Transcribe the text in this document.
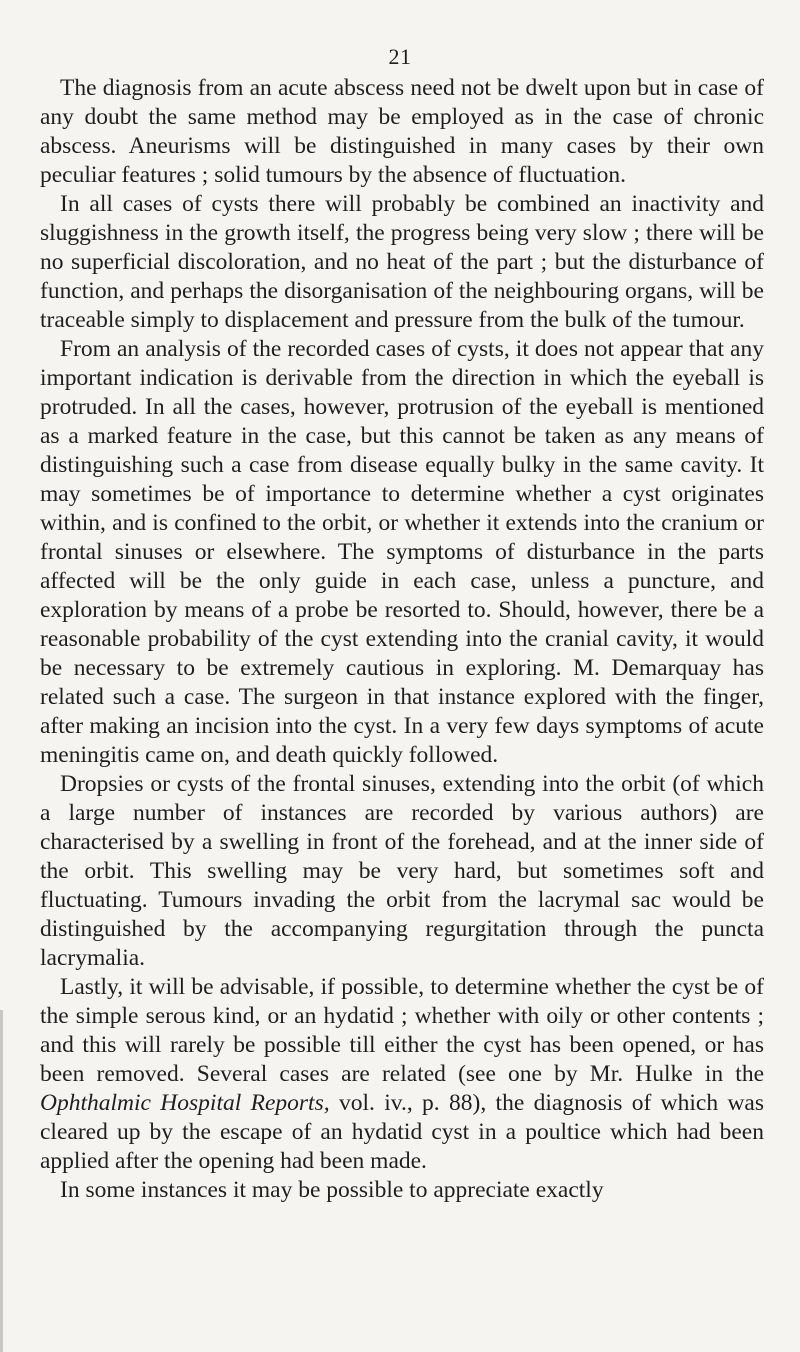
21

The diagnosis from an acute abscess need not be dwelt upon but in case of any doubt the same method may be employed as in the case of chronic abscess. Aneurisms will be distinguished in many cases by their own peculiar features ; solid tumours by the absence of fluctuation.

In all cases of cysts there will probably be combined an inactivity and sluggishness in the growth itself, the progress being very slow ; there will be no superficial discoloration, and no heat of the part ; but the disturbance of function, and perhaps the disorganisation of the neighbouring organs, will be traceable simply to displacement and pressure from the bulk of the tumour.

From an analysis of the recorded cases of cysts, it does not appear that any important indication is derivable from the direction in which the eyeball is protruded. In all the cases, however, protrusion of the eyeball is mentioned as a marked feature in the case, but this cannot be taken as any means of distinguishing such a case from disease equally bulky in the same cavity. It may sometimes be of importance to determine whether a cyst originates within, and is confined to the orbit, or whether it extends into the cranium or frontal sinuses or elsewhere. The symptoms of disturbance in the parts affected will be the only guide in each case, unless a puncture, and exploration by means of a probe be resorted to. Should, however, there be a reasonable probability of the cyst extending into the cranial cavity, it would be necessary to be extremely cautious in exploring. M. Demarquay has related such a case. The surgeon in that instance explored with the finger, after making an incision into the cyst. In a very few days symptoms of acute meningitis came on, and death quickly followed.

Dropsies or cysts of the frontal sinuses, extending into the orbit (of which a large number of instances are recorded by various authors) are characterised by a swelling in front of the forehead, and at the inner side of the orbit. This swelling may be very hard, but sometimes soft and fluctuating. Tumours invading the orbit from the lacrymal sac would be distinguished by the accompanying regurgitation through the puncta lacrymalia.

Lastly, it will be advisable, if possible, to determine whether the cyst be of the simple serous kind, or an hydatid ; whether with oily or other contents ; and this will rarely be possible till either the cyst has been opened, or has been removed. Several cases are related (see one by Mr. Hulke in the Ophthalmic Hospital Reports, vol. iv., p. 88), the diagnosis of which was cleared up by the escape of an hydatid cyst in a poultice which had been applied after the opening had been made.

In some instances it may be possible to appreciate exactly
